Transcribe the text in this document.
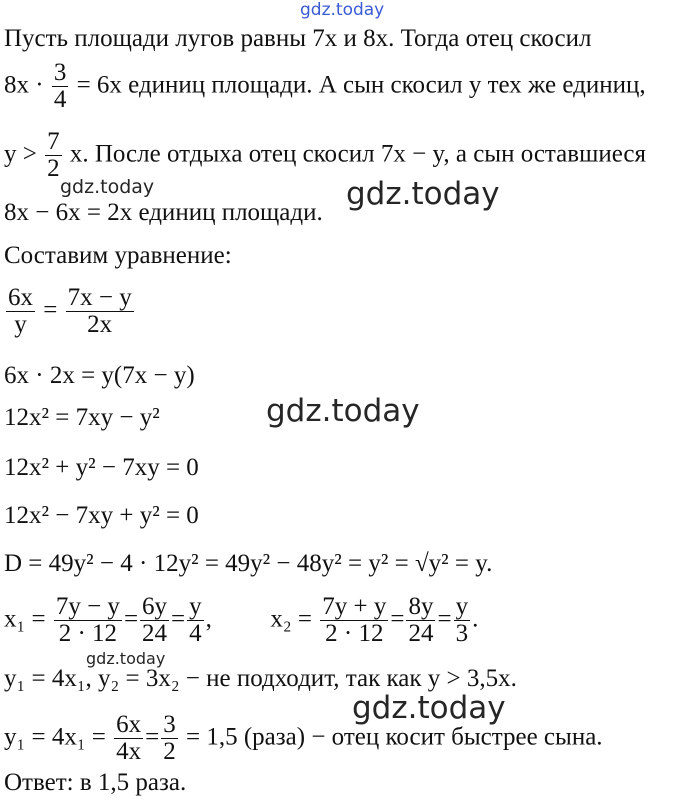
gdz.today
gdz.today	gdz.today
gdz.today
gdz.today
gdz.today
Пусть площади лугов равны 7x и 8x. Тогда отец скосил
$8x \cdot \frac{3}{4} = 6x$ единиц площади. А сын скосил y тех же единиц,
$y > \frac{7}{2} x$. После отдыха отец скосил 7x − y, а сын оставшиеся
8x − 6x = 2x единиц площади.
Составим уравнение:
$\frac{6x}{y} = \frac{7x - y}{2x}$
6x · 2x = y(7x − y)
12x² = 7xy − y²
12x² + y² − 7xy = 0
12x² − 7xy + y² = 0
D = 49y² − 4 · 12y² = 49y² − 48y² = y² = √y² = y.
$x_1 = \frac{7y - y}{2 \cdot 12} = \frac{6y}{24} = \frac{y}{4}$ ,  $x_2 = \frac{7y + y}{2 \cdot 12} = \frac{8y}{24} = \frac{y}{3}$ .
y₁ = 4x₁, y₂ = 3x₂ − не подходит, так как y > 3,5x.
$y_1 = 4x_1 = \frac{6x}{4x} = \frac{3}{2} = 1,5$ (раза) − отец косит быстрее сына.
Ответ: в 1,5 раза.
